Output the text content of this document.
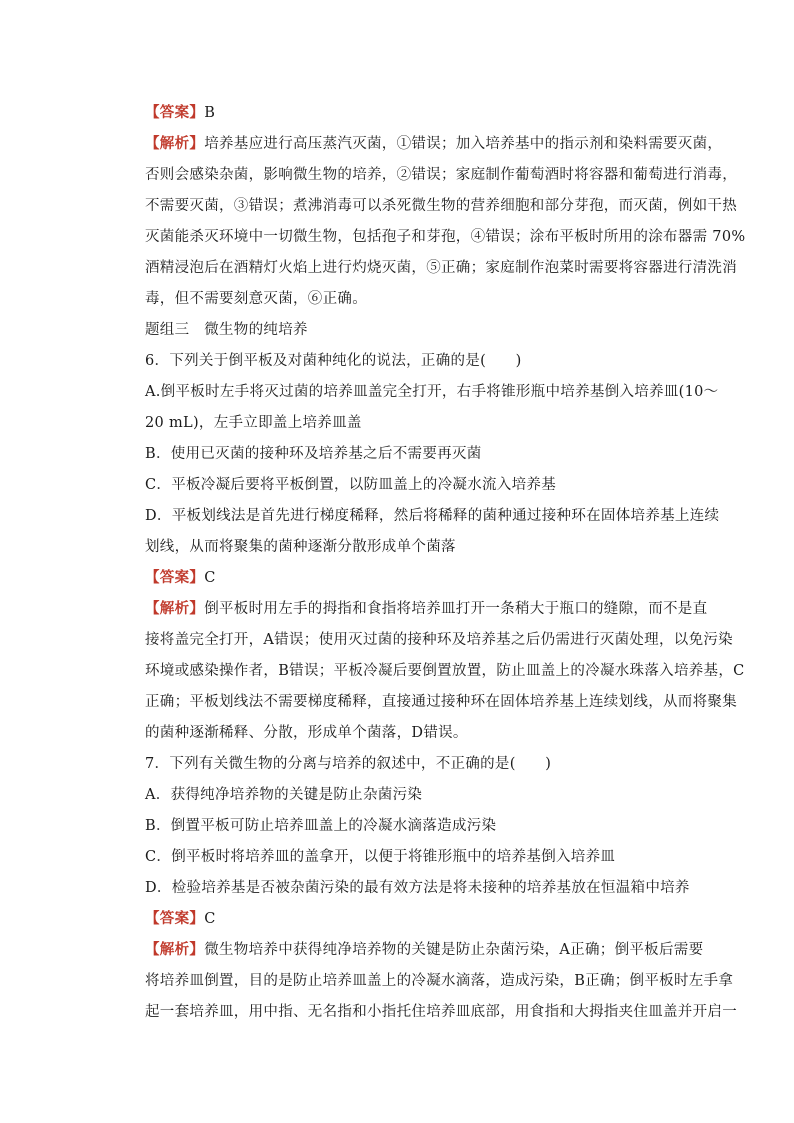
【答案】B
【解析】培养基应进行高压蒸汽灭菌，①错误；加入培养基中的指示剂和染料需要灭菌，
否则会感染杂菌，影响微生物的培养，②错误；家庭制作葡萄酒时将容器和葡萄进行消毒，
不需要灭菌，③错误；煮沸消毒可以杀死微生物的营养细胞和部分芽孢，而灭菌，例如干热
灭菌能杀灭环境中一切微生物，包括孢子和芽孢，④错误；涂布平板时所用的涂布器需 70%
酒精浸泡后在酒精灯火焰上进行灼烧灭菌，⑤正确；家庭制作泡菜时需要将容器进行清洗消
毒，但不需要刻意灭菌，⑥正确。
题组三　微生物的纯培养
6．下列关于倒平板及对菌种纯化的说法，正确的是(　　)
A.倒平板时左手将灭过菌的培养皿盖完全打开，右手将锥形瓶中培养基倒入培养皿(10～
20 mL)，左手立即盖上培养皿盖
B．使用已灭菌的接种环及培养基之后不需要再灭菌
C．平板冷凝后要将平板倒置，以防皿盖上的冷凝水流入培养基
D．平板划线法是首先进行梯度稀释，然后将稀释的菌种通过接种环在固体培养基上连续
划线，从而将聚集的菌种逐渐分散形成单个菌落
【答案】C
【解析】倒平板时用左手的拇指和食指将培养皿打开一条稍大于瓶口的缝隙，而不是直
接将盖完全打开，A错误；使用灭过菌的接种环及培养基之后仍需进行灭菌处理，以免污染
环境或感染操作者，B错误；平板冷凝后要倒置放置，防止皿盖上的冷凝水珠落入培养基，C
正确；平板划线法不需要梯度稀释，直接通过接种环在固体培养基上连续划线，从而将聚集
的菌种逐渐稀释、分散，形成单个菌落，D错误。
7．下列有关微生物的分离与培养的叙述中，不正确的是(　　)
A．获得纯净培养物的关键是防止杂菌污染
B．倒置平板可防止培养皿盖上的冷凝水滴落造成污染
C．倒平板时将培养皿的盖拿开，以便于将锥形瓶中的培养基倒入培养皿
D．检验培养基是否被杂菌污染的最有效方法是将未接种的培养基放在恒温箱中培养
【答案】C
【解析】微生物培养中获得纯净培养物的关键是防止杂菌污染，A正确；倒平板后需要
将培养皿倒置，目的是防止培养皿盖上的冷凝水滴落，造成污染，B正确；倒平板时左手拿
起一套培养皿，用中指、无名指和小指托住培养皿底部，用食指和大拇指夹住皿盖并开启一
